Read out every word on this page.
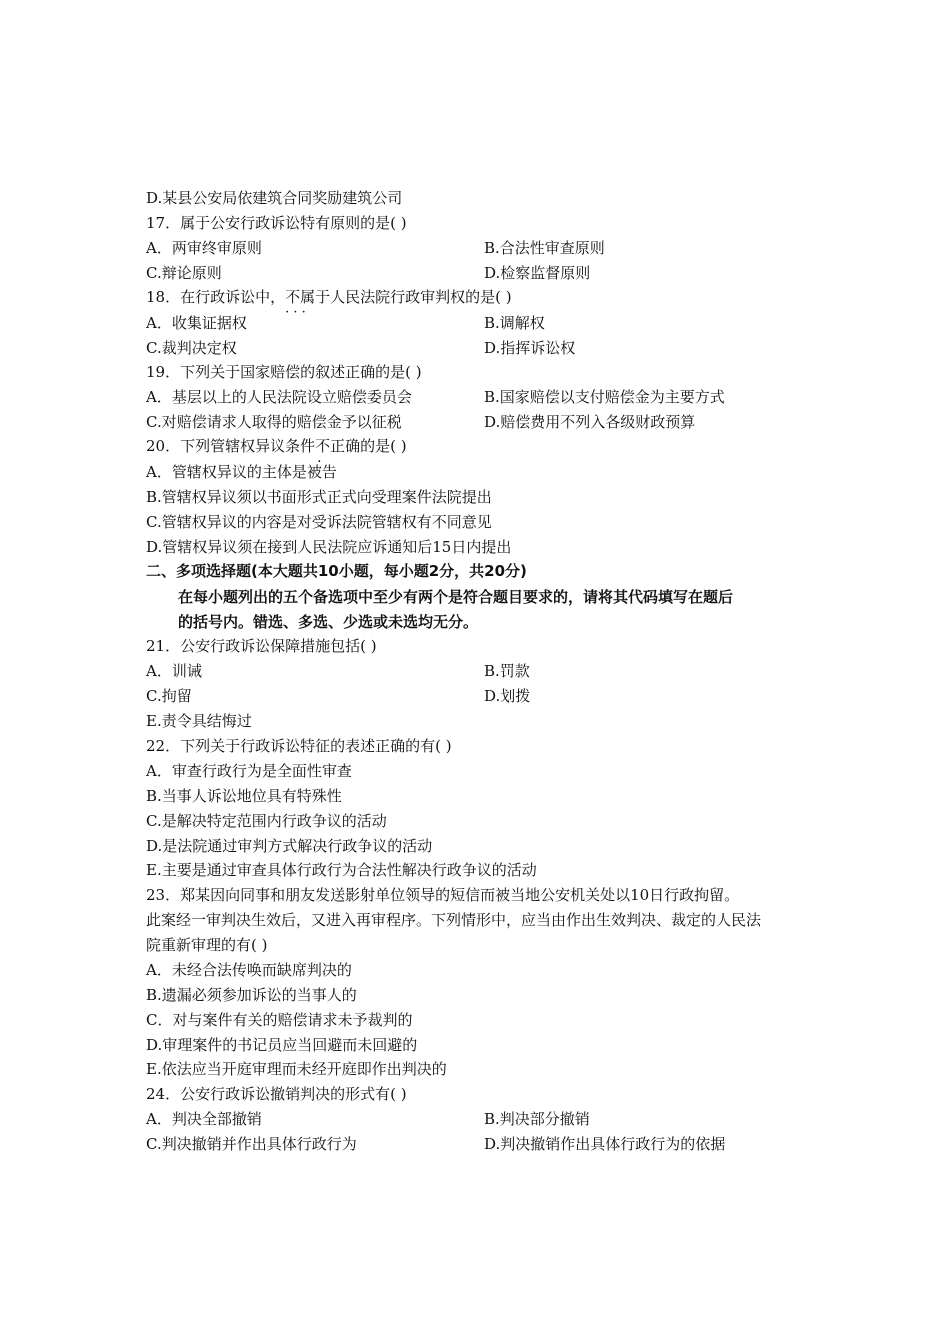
D.某县公安局依建筑合同奖励建筑公司
17．属于公安行政诉讼特有原则的是( )
A．两审终审原则	B.合法性审查原则
C.辩论原则	D.检察监督原则
18．在行政诉讼中，不属于 · · ·人民法院行政审判权的是( )
A．收集证据权	B.调解权
C.裁判决定权	D.指挥诉讼权
19．下列关于国家赔偿的叙述正确的是( )
A．基层以上的人民法院设立赔偿委员会	B.国家赔偿以支付赔偿金为主要方式
C.对赔偿请求人取得的赔偿金予以征税	D.赔偿费用不列入各级财政预算
20．下列管辖权异议条件不正确的是( )
A．管辖权异议的主体是被告
B.管辖权异议须以书面形式正式向受理案件法院提出
C.管辖权异议的内容是对受诉法院管辖权有不同意见
D.管辖权异议须在接到人民法院应诉通知后15日内提出
二、多项选择题(本大题共10小题，每小题2分，共20分)
在每小题列出的五个备选项中至少有两个是符合题目要求的，请将其代码填写在题后
的括号内。错选、多选、少选或未选均无分。
21．公安行政诉讼保障措施包括( )
A．训诫	B.罚款
C.拘留	D.划拨
E.责令具结悔过
22．下列关于行政诉讼特征的表述正确的有( )
A．审查行政行为是全面性审查
B.当事人诉讼地位具有特殊性
C.是解决特定范围内行政争议的活动
D.是法院通过审判方式解决行政争议的活动
E.主要是通过审查具体行政行为合法性解决行政争议的活动
23．郑某因向同事和朋友发送影射单位领导的短信而被当地公安机关处以10日行政拘留。
此案经一审判决生效后，又进入再审程序。下列情形中，应当由作出生效判决、裁定的人民法
院重新审理的有( )
A．未经合法传唤而缺席判决的
B.遗漏必须参加诉讼的当事人的
C．对与案件有关的赔偿请求未予裁判的
D.审理案件的书记员应当回避而未回避的
E.依法应当开庭审理而未经开庭即作出判决的
24．公安行政诉讼撤销判决的形式有( )
A．判决全部撤销	B.判决部分撤销
C.判决撤销并作出具体行政行为	D.判决撤销作出具体行政行为的依据
